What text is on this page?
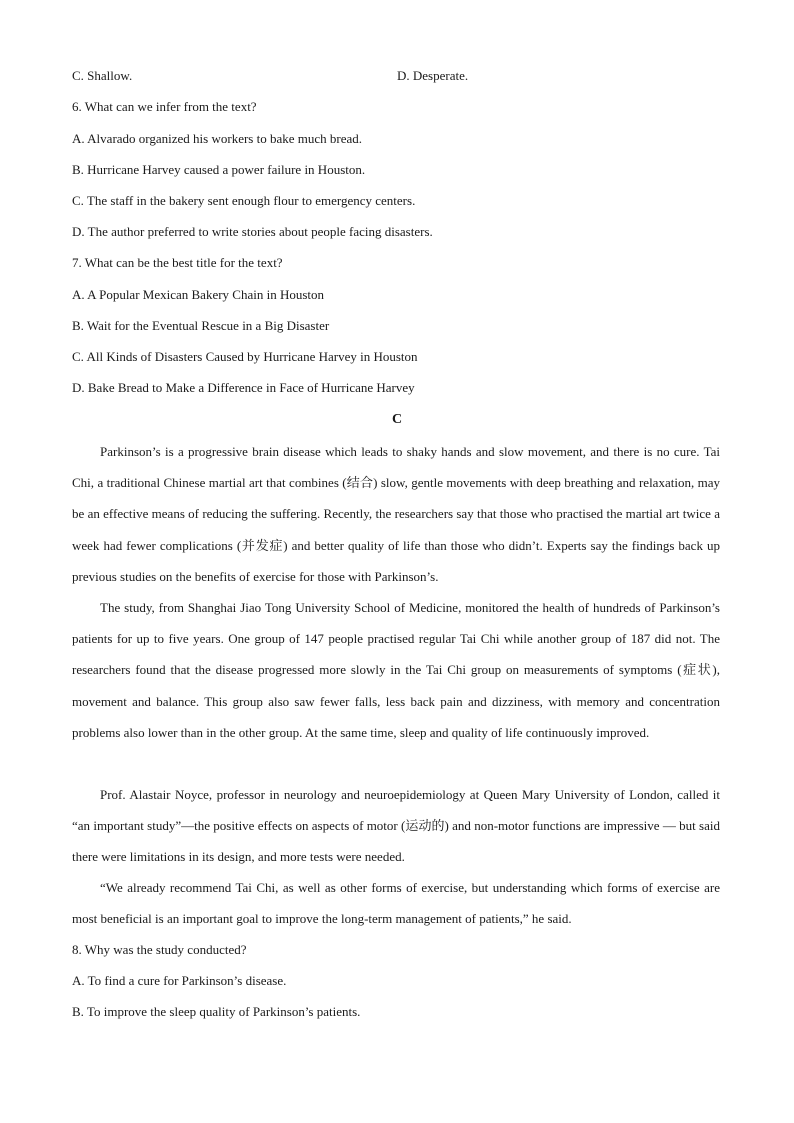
C. Shallow.	D. Desperate.
6. What can we infer from the text?
A. Alvarado organized his workers to bake much bread.
B. Hurricane Harvey caused a power failure in Houston.
C. The staff in the bakery sent enough flour to emergency centers.
D. The author preferred to write stories about people facing disasters.
7. What can be the best title for the text?
A. A Popular Mexican Bakery Chain in Houston
B. Wait for the Eventual Rescue in a Big Disaster
C. All Kinds of Disasters Caused by Hurricane Harvey in Houston
D. Bake Bread to Make a Difference in Face of Hurricane Harvey
C

Parkinson’s is a progressive brain disease which leads to shaky hands and slow movement, and there is no cure. Tai Chi, a traditional Chinese martial art that combines (结合) slow, gentle movements with deep breathing and relaxation, may be an effective means of reducing the suffering. Recently, the researchers say that those who practised the martial art twice a week had fewer complications (并发症) and better quality of life than those who didn’t. Experts say the findings back up previous studies on the benefits of exercise for those with Parkinson’s.

The study, from Shanghai Jiao Tong University School of Medicine, monitored the health of hundreds of Parkinson’s patients for up to five years. One group of 147 people practised regular Tai Chi while another group of 187 did not. The researchers found that the disease progressed more slowly in the Tai Chi group on measurements of symptoms (症状), movement and balance. This group also saw fewer falls, less back pain and dizziness, with memory and concentration problems also lower than in the other group. At the same time, sleep and quality of life continuously improved.

Prof. Alastair Noyce, professor in neurology and neuroepidemiology at Queen Mary University of London, called it “an important study”—the positive effects on aspects of motor (运动的) and non-motor functions are impressive — but said there were limitations in its design, and more tests were needed.

“We already recommend Tai Chi, as well as other forms of exercise, but understanding which forms of exercise are most beneficial is an important goal to improve the long-term management of patients,” he said.

8. Why was the study conducted?
A. To find a cure for Parkinson’s disease.
B. To improve the sleep quality of Parkinson’s patients.
